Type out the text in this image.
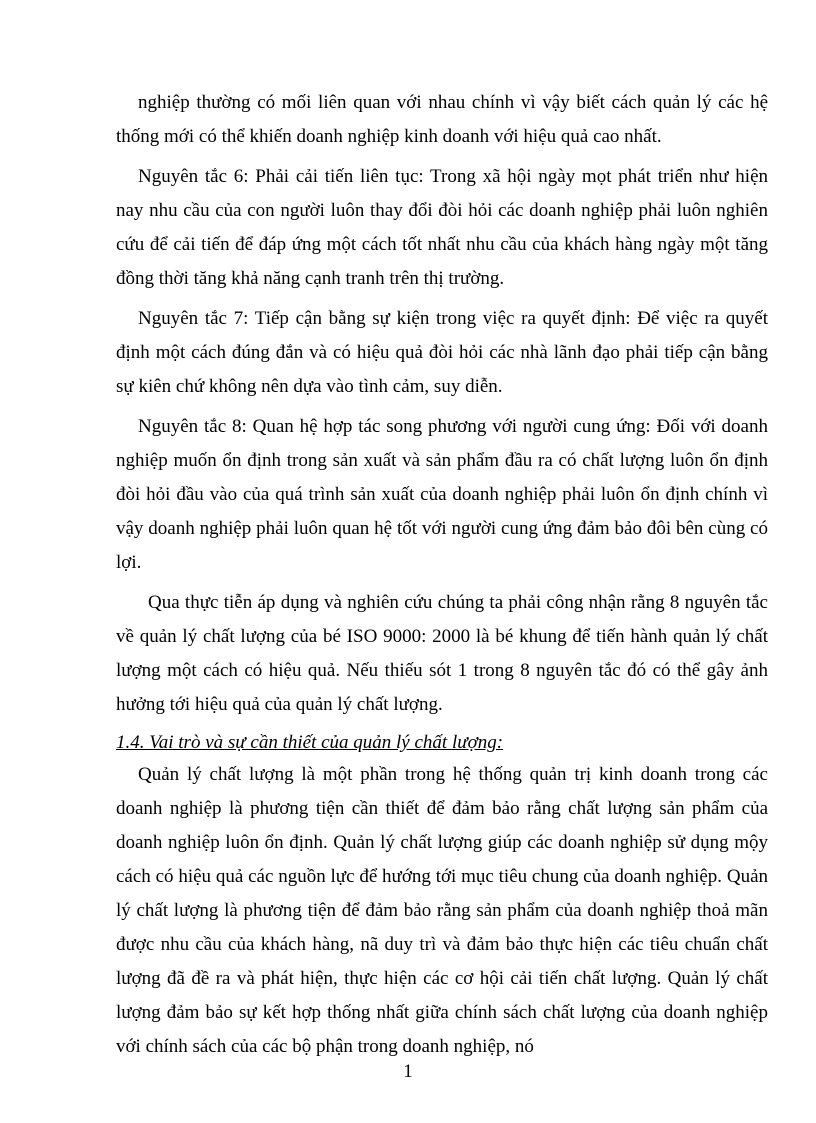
nghiệp thường có mối liên quan với nhau chính vì vậy biết cách quản lý các hệ thống mới có thể khiến doanh nghiệp kinh doanh với hiệu quả cao nhất.

Nguyên tắc 6: Phải cải tiến liên tục: Trong xã hội ngày mọt phát triển như hiện nay nhu cầu của con người luôn thay đổi đòi hỏi các doanh nghiệp phải luôn nghiên cứu để cải tiến để đáp ứng một cách tốt nhất nhu cầu của khách hàng ngày một tăng đồng thời tăng khả năng cạnh tranh trên thị trường.

Nguyên tắc 7: Tiếp cận bằng sự kiện trong việc ra quyết định: Để việc ra quyết định một cách đúng đắn và có hiệu quả đòi hỏi các nhà lãnh đạo phải tiếp cận bằng sự kiên chứ không nên dựa vào tình cảm, suy diễn.

Nguyên tắc 8: Quan hệ hợp tác song phương với người cung ứng: Đối với doanh nghiệp muốn ổn định trong sản xuất và sản phẩm đầu ra có chất lượng luôn ổn định đòi hỏi đầu vào của quá trình sản xuất của doanh nghiệp phải luôn ổn định chính vì vậy doanh nghiệp phải luôn quan hệ tốt với người cung ứng đảm bảo đôi bên cùng có lợi.

Qua thực tiễn áp dụng và nghiên cứu chúng ta phải công nhận rằng 8 nguyên tắc về quản lý chất lượng của bé ISO 9000: 2000 là bé khung để tiến hành quản lý chất lượng một cách có hiệu quả. Nếu thiếu sót 1 trong 8 nguyên tắc đó có thể gây ảnh hưởng tới hiệu quả của quản lý chất lượng.

1.4. Vai trò và sự cần thiết của quản lý chất lượng:

Quản lý chất lượng là một phần trong hệ thống quản trị kinh doanh trong các doanh nghiệp là phương tiện cần thiết để đảm bảo rằng chất lượng sản phẩm của doanh nghiệp luôn ổn định. Quản lý chất lượng giúp các doanh nghiệp sử dụng mộy cách có hiệu quả các nguồn lực để hướng tới mục tiêu chung của doanh nghiệp. Quản lý chất lượng là phương tiện để đảm bảo rằng sản phẩm của doanh nghiệp thoả mãn được nhu cầu của khách hàng, nã duy trì và đảm bảo thực hiện các tiêu chuẩn chất lượng đã đề ra và phát hiện, thực hiện các cơ hội cải tiến chất lượng. Quản lý chất lượng đảm bảo sự kết hợp thống nhất giữa chính sách chất lượng của doanh nghiệp với chính sách của các bộ phận trong doanh nghiệp, nó

1
